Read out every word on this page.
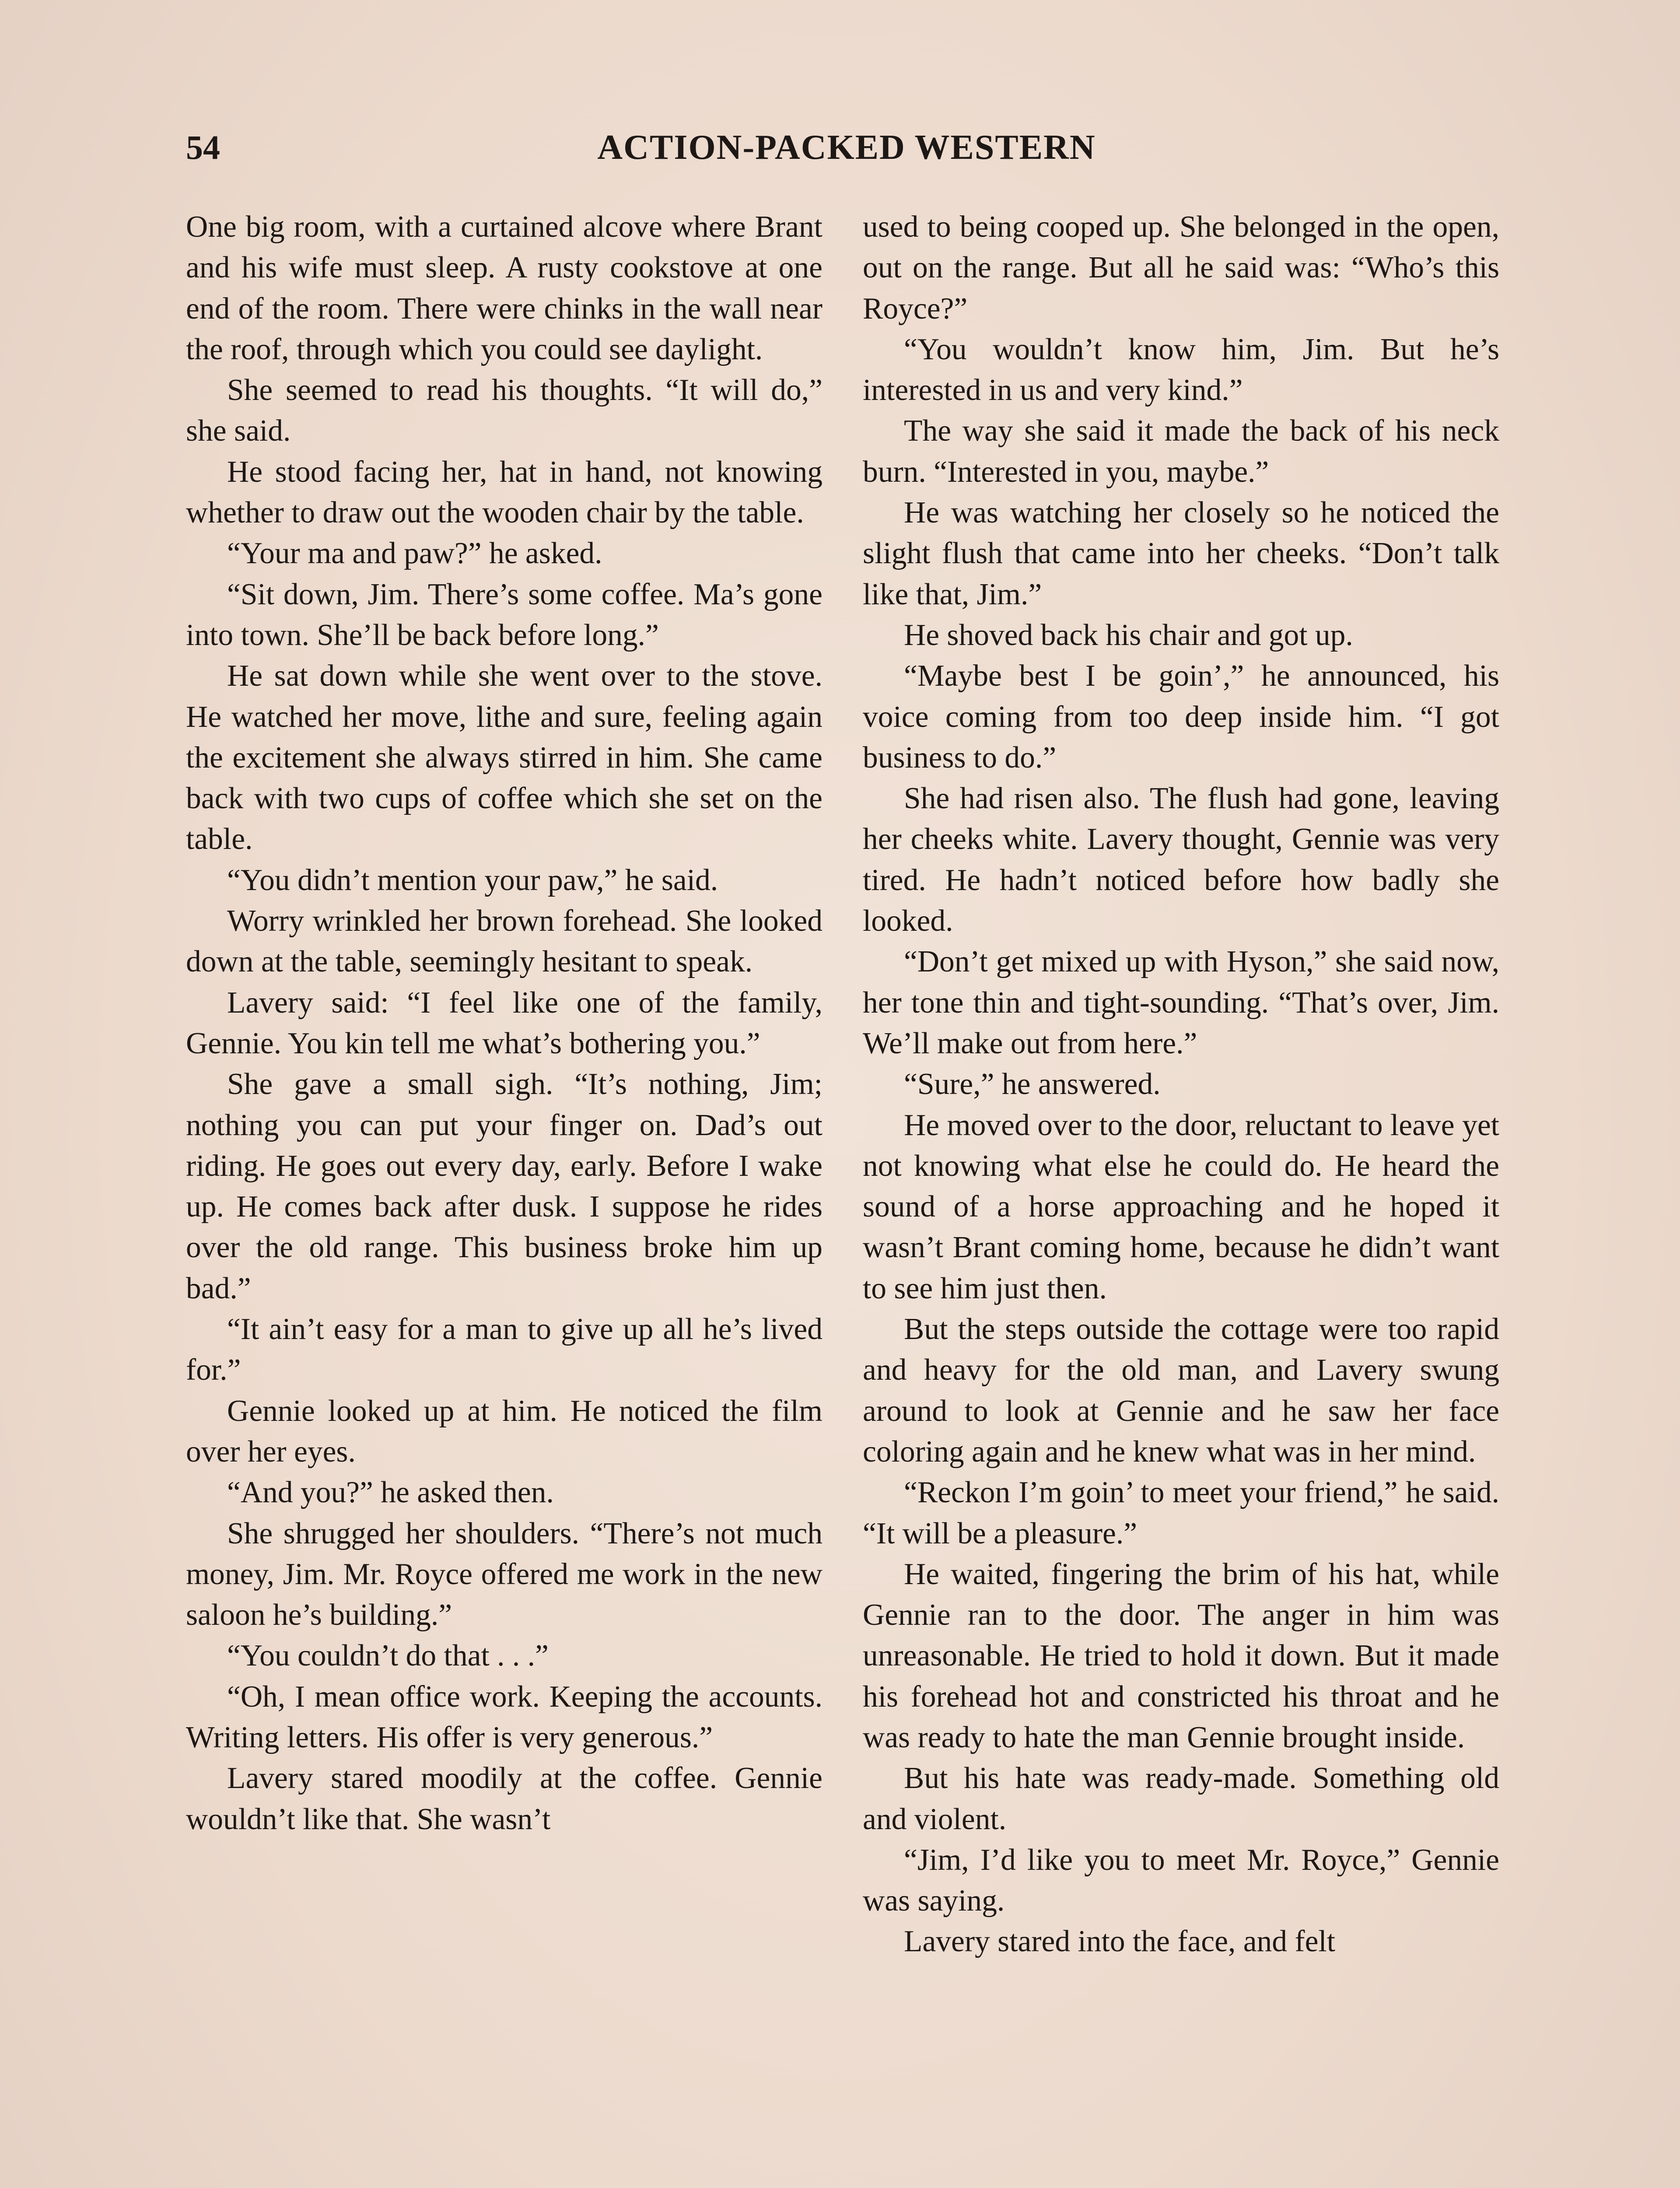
54	ACTION-PACKED WESTERN

One big room, with a curtained alcove where Brant and his wife must sleep. A rusty cookstove at one end of the room. There were chinks in the wall near the roof, through which you could see daylight.

She seemed to read his thoughts. “It will do,” she said.

He stood facing her, hat in hand, not knowing whether to draw out the wooden chair by the table.

“Your ma and paw?” he asked.

“Sit down, Jim. There’s some coffee. Ma’s gone into town. She’ll be back before long.”

He sat down while she went over to the stove. He watched her move, lithe and sure, feeling again the excitement she always stirred in him. She came back with two cups of coffee which she set on the table.

“You didn’t mention your paw,” he said.

Worry wrinkled her brown forehead. She looked down at the table, seemingly hesitant to speak.

Lavery said: “I feel like one of the family, Gennie. You kin tell me what’s bothering you.”

She gave a small sigh. “It’s nothing, Jim; nothing you can put your finger on. Dad’s out riding. He goes out every day, early. Before I wake up. He comes back after dusk. I suppose he rides over the old range. This business broke him up bad.”

“It ain’t easy for a man to give up all he’s lived for.”

Gennie looked up at him. He noticed the film over her eyes.

“And you?” he asked then.

She shrugged her shoulders. “There’s not much money, Jim. Mr. Royce offered me work in the new saloon he’s building.”

“You couldn’t do that . . .”

“Oh, I mean office work. Keeping the accounts. Writing letters. His offer is very generous.”

Lavery stared moodily at the coffee. Gennie wouldn’t like that. She wasn’t

used to being cooped up. She belonged in the open, out on the range. But all he said was: “Who’s this Royce?”

“You wouldn’t know him, Jim. But he’s interested in us and very kind.”

The way she said it made the back of his neck burn. “Interested in you, maybe.”

He was watching her closely so he noticed the slight flush that came into her cheeks. “Don’t talk like that, Jim.”

He shoved back his chair and got up.

“Maybe best I be goin’,” he announced, his voice coming from too deep inside him. “I got business to do.”

She had risen also. The flush had gone, leaving her cheeks white. Lavery thought, Gennie was very tired. He hadn’t noticed before how badly she looked.

“Don’t get mixed up with Hyson,” she said now, her tone thin and tight-sounding. “That’s over, Jim. We’ll make out from here.”

“Sure,” he answered.

He moved over to the door, reluctant to leave yet not knowing what else he could do. He heard the sound of a horse approaching and he hoped it wasn’t Brant coming home, because he didn’t want to see him just then.

But the steps outside the cottage were too rapid and heavy for the old man, and Lavery swung around to look at Gennie and he saw her face coloring again and he knew what was in her mind.

“Reckon I’m goin’ to meet your friend,” he said. “It will be a pleasure.”

He waited, fingering the brim of his hat, while Gennie ran to the door. The anger in him was unreasonable. He tried to hold it down. But it made his forehead hot and constricted his throat and he was ready to hate the man Gennie brought inside.

But his hate was ready-made. Something old and violent.

“Jim, I’d like you to meet Mr. Royce,” Gennie was saying.

Lavery stared into the face, and felt
